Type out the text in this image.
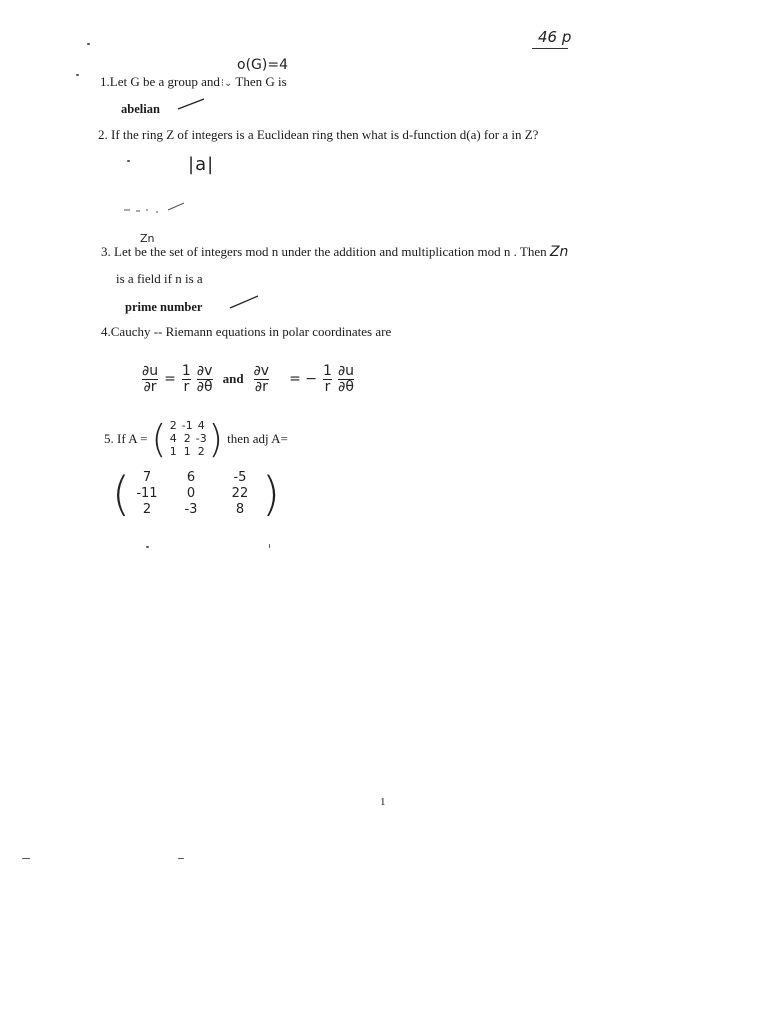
46 p
o(G)=4
1.Let G be a group and⁝⌄ Then G is
abelian
2. If the ring Z of integers is a Euclidean ring then what is d-function d(a) for a in Z?
|a|
Zn
3. Let be the set of integers mod n under the addition and multiplication mod n . Then Zn
is a field if n is a
prime number
4.Cauchy -- Riemann equations in polar coordinates are
$\frac{\partial u}{\partial r} = \frac{1}{r} \frac{\partial v}{\partial\theta}$ and $\frac{\partial v}{\partial r}$ = − $\frac{1}{r} \frac{\partial u}{\partial\theta}$
5. If A = ( 2 -1 4
4 2 -3
1 1 2 ) then adj A=
( 7	6	-5
-11	0	22
2	-3	8 )
1
